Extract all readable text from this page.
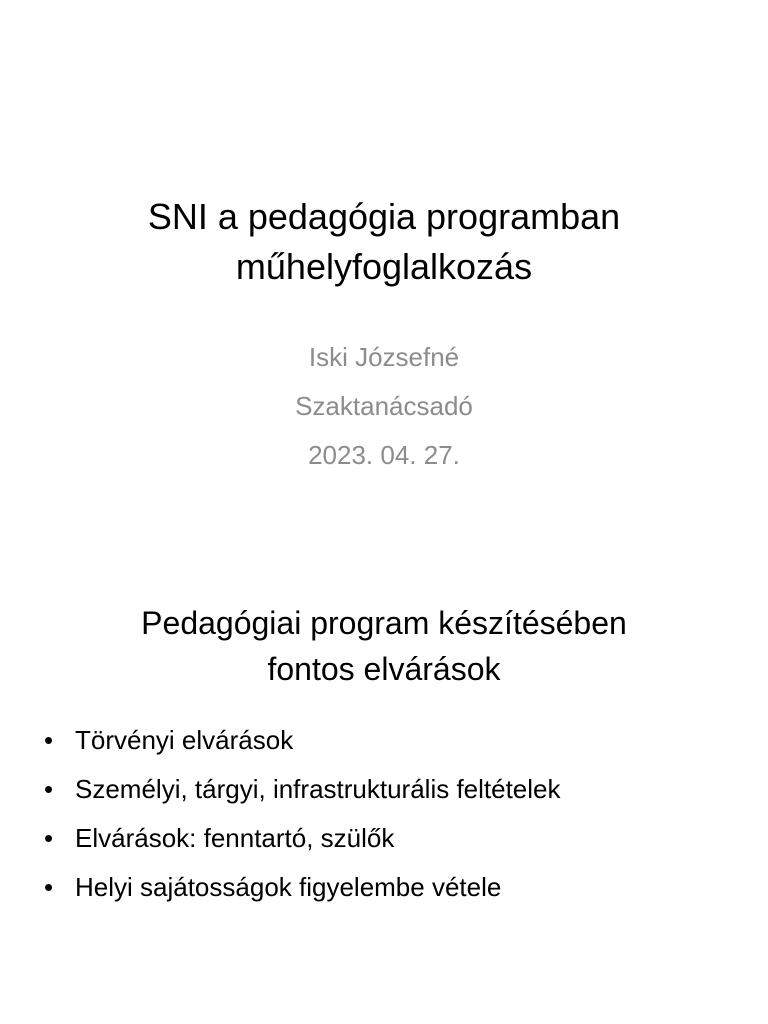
SNI a pedagógia programban
műhelyfoglalkozás
Iski Józsefné
Szaktanácsadó
2023. 04. 27.
Pedagógiai program készítésében
fontos elvárások
• Törvényi elvárások
• Személyi, tárgyi, infrastrukturális feltételek
• Elvárások: fenntartó, szülők
• Helyi sajátosságok figyelembe vétele
